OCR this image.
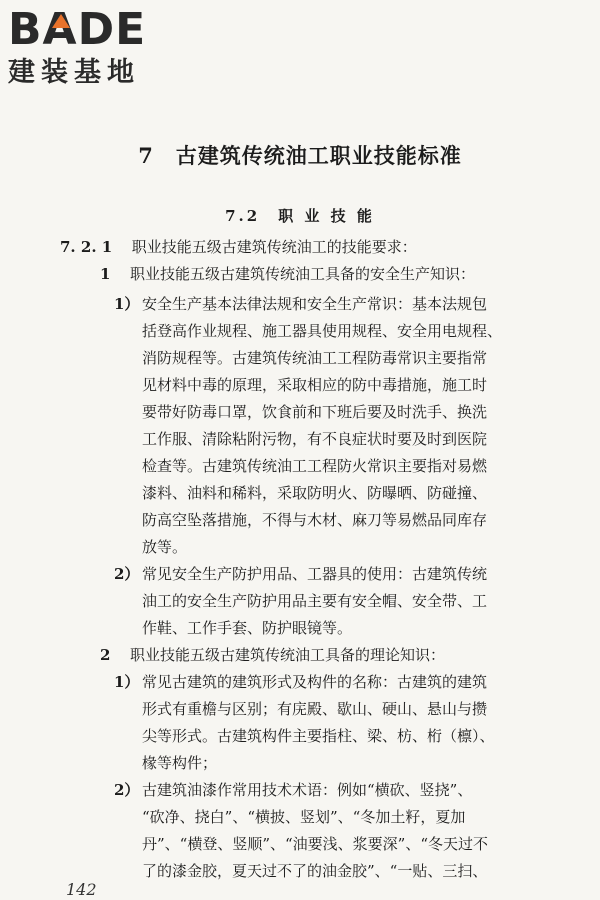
BADE
建装基地
7　古建筑传统油工职业技能标准
7.2　职 业 技 能
7. 2. 1 职业技能五级古建筑传统油工的技能要求：
1 职业技能五级古建筑传统油工具备的安全生产知识：
1） 安全生产基本法律法规和安全生产常识：基本法规包
括登高作业规程、施工器具使用规程、安全用电规程、
消防规程等。古建筑传统油工工程防毒常识主要指常
见材料中毒的原理，采取相应的防中毒措施，施工时
要带好防毒口罩，饮食前和下班后要及时洗手、换洗
工作服、清除粘附污物，有不良症状时要及时到医院
检查等。古建筑传统油工工程防火常识主要指对易燃
漆料、油料和稀料，采取防明火、防曝晒、防碰撞、
防高空坠落措施，不得与木材、麻刀等易燃品同库存
放等。
2） 常见安全生产防护用品、工器具的使用：古建筑传统
油工的安全生产防护用品主要有安全帽、安全带、工
作鞋、工作手套、防护眼镜等。
2 职业技能五级古建筑传统油工具备的理论知识：
1） 常见古建筑的建筑形式及构件的名称：古建筑的建筑
形式有重檐与区别；有庑殿、歇山、硬山、悬山与攒
尖等形式。古建筑构件主要指柱、梁、枋、桁（檩）、
椽等构件；
2） 古建筑油漆作常用技术术语：例如“横砍、竖挠”、
“砍净、挠白”、“横披、竖划”、“冬加土籽，夏加
丹”、“横登、竖顺”、“油要浅、浆要深”、“冬天过不
了的漆金胶，夏天过不了的油金胶”、“一贴、三扫、
142
